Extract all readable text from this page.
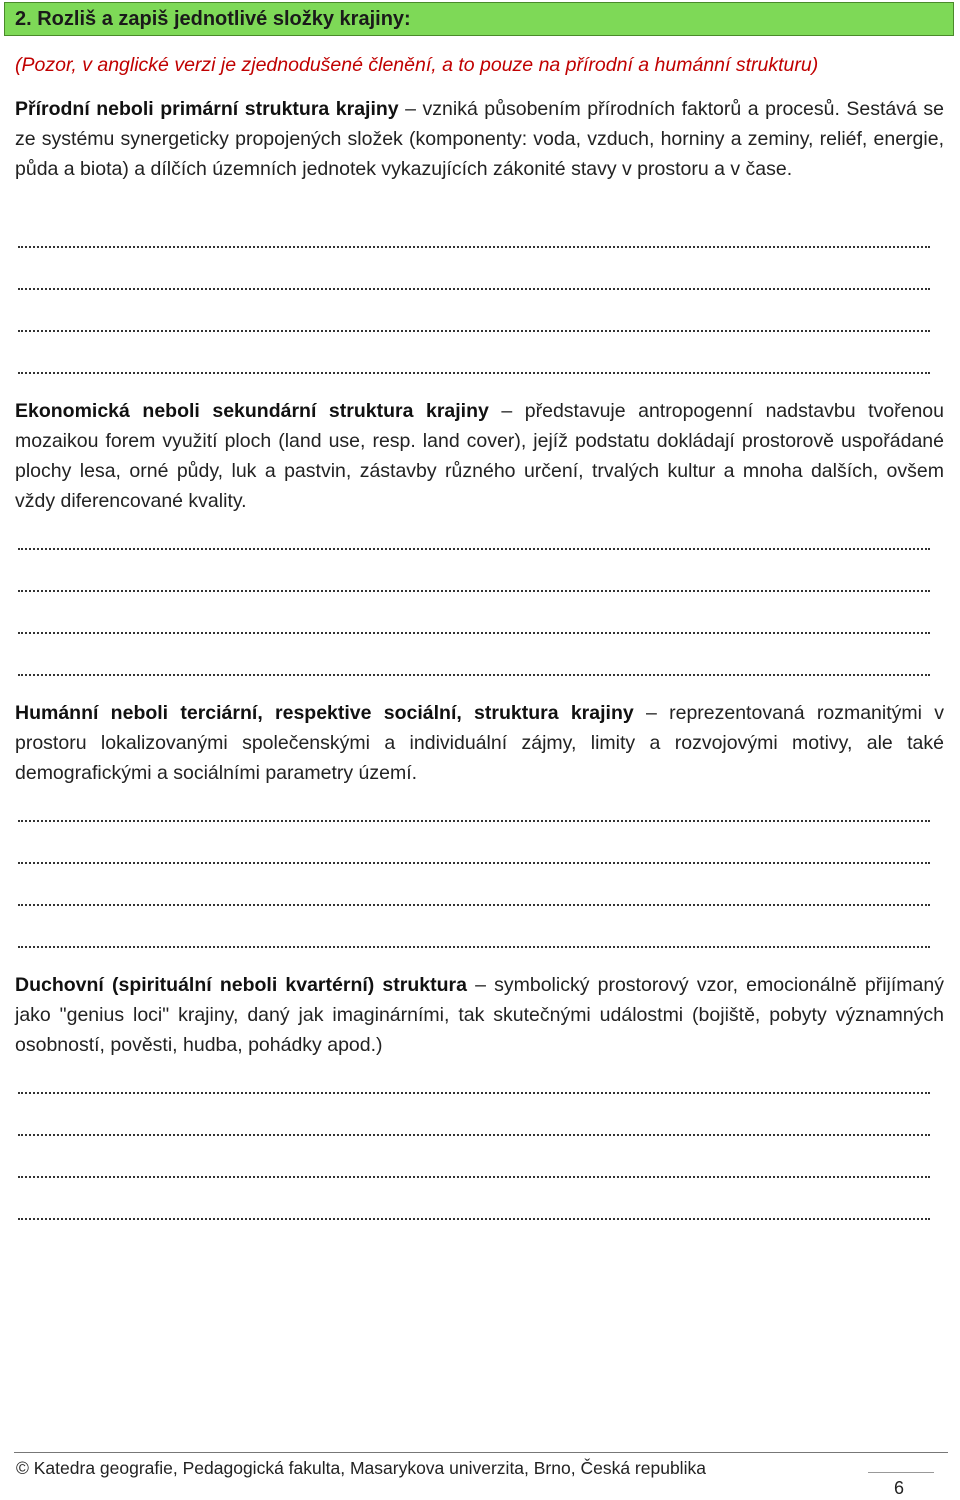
2. Rozliš a zapiš jednotlivé složky krajiny:
(Pozor, v anglické verzi je zjednodušené členění, a to pouze na přírodní a humánní strukturu)
Přírodní neboli primární struktura krajiny – vzniká působením přírodních faktorů a procesů. Sestává se ze systému synergeticky propojených složek (komponenty: voda, vzduch, horniny a zeminy, reliéf, energie, půda a biota) a dílčích územních jednotek vykazujících zákonité stavy v prostoru a v čase.
Ekonomická neboli sekundární struktura krajiny – představuje antropogenní nadstavbu tvořenou mozaikou forem využití ploch (land use, resp. land cover), jejíž podstatu dokládají prostorově uspořádané plochy lesa, orné půdy, luk a pastvin, zástavby různého určení, trvalých kultur a mnoha dalších, ovšem vždy diferencované kvality.
Humánní neboli terciární, respektive sociální, struktura krajiny – reprezentovaná rozmanitými v prostoru lokalizovanými společenskými a individuální zájmy, limity a rozvojovými motivy, ale také demografickými a sociálními parametry území.
Duchovní (spirituální neboli kvartérní) struktura – symbolický prostorový vzor, emocionálně přijímaný jako "genius loci" krajiny, daný jak imaginárními, tak skutečnými událostmi (bojiště, pobyty významných osobností, pověsti, hudba, pohádky apod.)
© Katedra geografie, Pedagogická fakulta, Masarykova univerzita, Brno, Česká republika
6
